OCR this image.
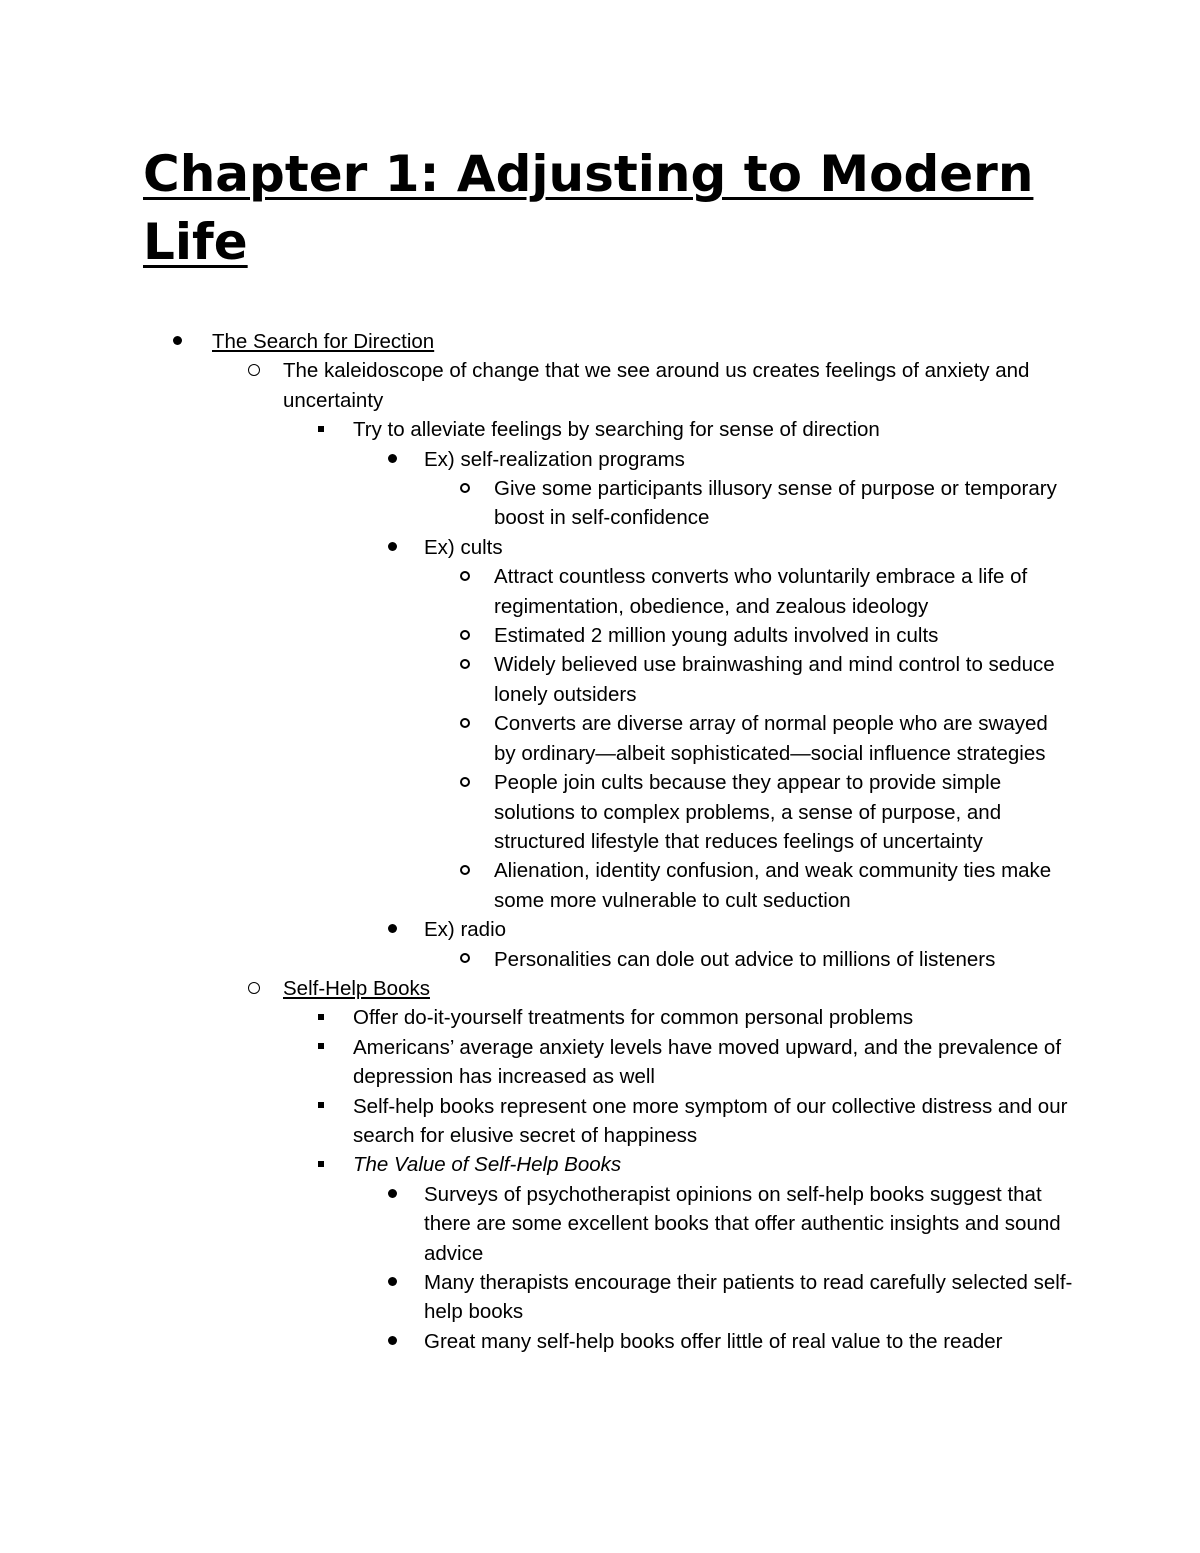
Chapter 1: Adjusting to Modern Life
The Search for Direction
The kaleidoscope of change that we see around us creates feelings of anxiety and uncertainty
Try to alleviate feelings by searching for sense of direction
Ex) self-realization programs
Give some participants illusory sense of purpose or temporary boost in self-confidence
Ex) cults
Attract countless converts who voluntarily embrace a life of regimentation, obedience, and zealous ideology
Estimated 2 million young adults involved in cults
Widely believed use brainwashing and mind control to seduce lonely outsiders
Converts are diverse array of normal people who are swayed by ordinary—albeit sophisticated—social influence strategies
People join cults because they appear to provide simple solutions to complex problems, a sense of purpose, and structured lifestyle that reduces feelings of uncertainty
Alienation, identity confusion, and weak community ties make some more vulnerable to cult seduction
Ex) radio
Personalities can dole out advice to millions of listeners
Self-Help Books
Offer do-it-yourself treatments for common personal problems
Americans’ average anxiety levels have moved upward, and the prevalence of depression has increased as well
Self-help books represent one more symptom of our collective distress and our search for elusive secret of happiness
The Value of Self-Help Books
Surveys of psychotherapist opinions on self-help books suggest that there are some excellent books that offer authentic insights and sound advice
Many therapists encourage their patients to read carefully selected self-help books
Great many self-help books offer little of real value to the reader
